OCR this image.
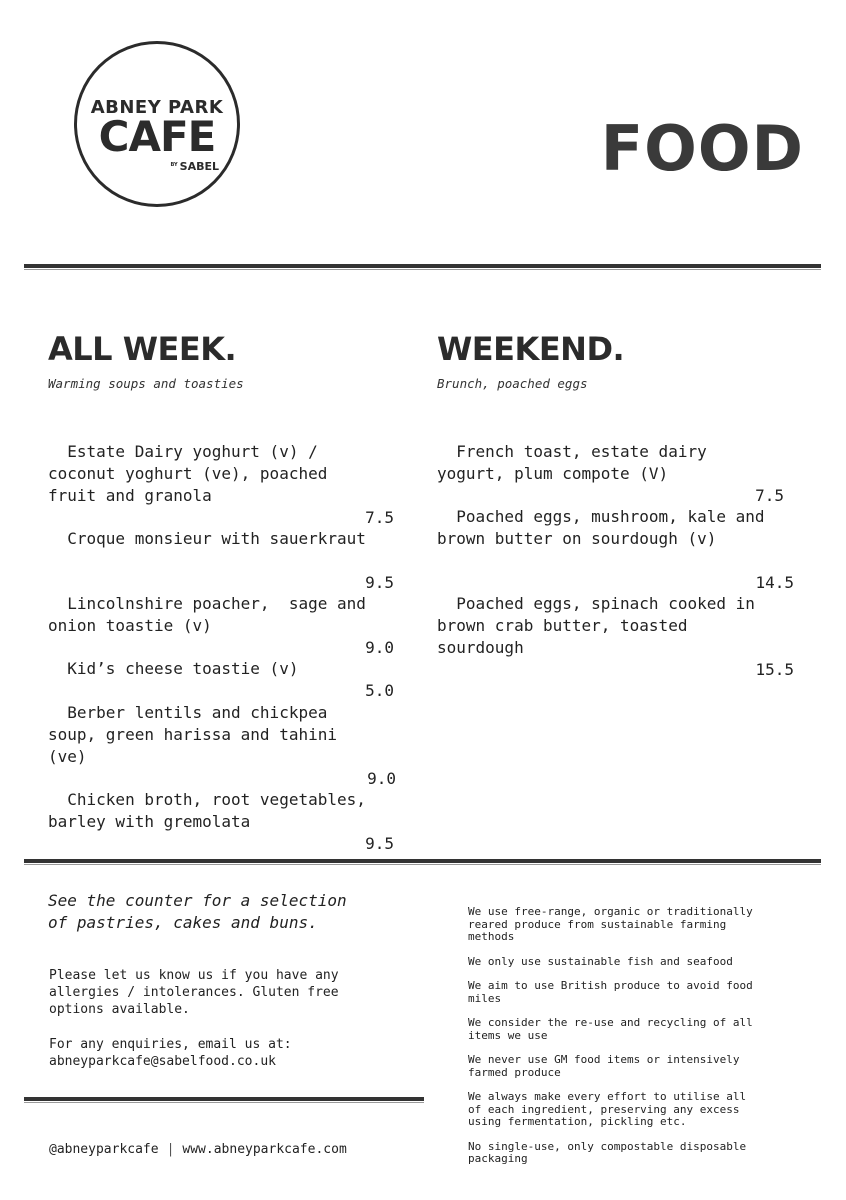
ABNEY PARK
CAFE
$^{BY}$ SABEL	FOOD
ALL WEEK.
Warming soups and toasties

Estate Dairy yoghurt (v) /
coconut yoghurt (ve), poached
fruit and granola

7.5

Croque monsieur with sauerkraut

9.5

Lincolnshire poacher,  sage and
onion toastie (v)

9.0

Kid’s cheese toastie (v)

5.0

Berber lentils and chickpea
soup, green harissa and tahini
(ve)

9.0

Chicken broth, root vegetables,
barley with gremolata

9.5

WEEKEND.
Brunch, poached eggs

French toast, estate dairy
yogurt, plum compote (V)

7.5

Poached eggs, mushroom, kale and
brown butter on sourdough (v)

14.5

Poached eggs, spinach cooked in
brown crab butter, toasted
sourdough

15.5

See the counter for a selection
of pastries, cakes and buns.
Please let us know us if you have any
allergies / intolerances. Gluten free
options available.
For any enquiries, email us at:
abneyparkcafe@sabelfood.co.uk
We use free-range, organic or traditionally
reared produce from sustainable farming
methods
We only use sustainable fish and seafood
We aim to use British produce to avoid food
miles
We consider the re-use and recycling of all
items we use
We never use GM food items or intensively
farmed produce
We always make every effort to utilise all
of each ingredient, preserving any excess
using fermentation, pickling etc.
No single-use, only compostable disposable
packaging
@abneyparkcafe | www.abneyparkcafe.com
